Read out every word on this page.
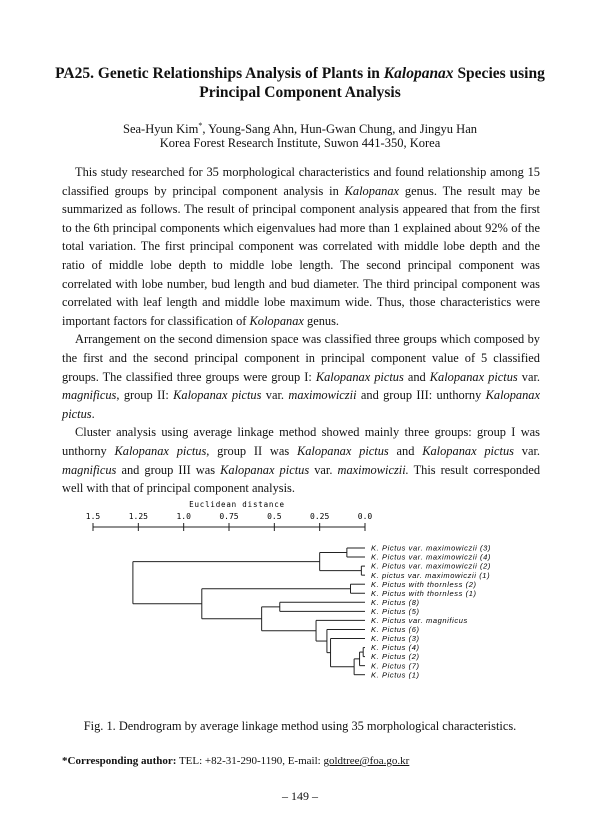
PA25. Genetic Relationships Analysis of Plants in Kalopanax Species using
Principal Component Analysis
Sea-Hyun Kim*, Young-Sang Ahn, Hun-Gwan Chung, and Jingyu Han
Korea Forest Research Institute, Suwon 441-350, Korea

This study researched for 35 morphological characteristics and found relationship among 15 classified groups by principal component analysis in Kalopanax genus. The result may be summarized as follows. The result of principal component analysis appeared that from the first to the 6th principal components which eigenvalues had more than 1 explained about 92% of the total variation. The first principal component was correlated with middle lobe depth and the ratio of middle lobe depth to middle lobe length. The second principal component was correlated with lobe number, bud length and bud diameter. The third principal component was correlated with leaf length and middle lobe maximum wide. Thus, those characteristics were important factors for classification of Kolopanax genus.

Arrangement on the second dimension space was classified three groups which composed by the first and the second principal component in principal component value of 5 classified groups. The classified three groups were group I: Kalopanax pictus and Kalopanax pictus var. magnificus, group II: Kalopanax pictus var. maximowiczii and group III: unthorny Kalopanax pictus.

Cluster analysis using average linkage method showed mainly three groups: group I was unthorny Kalopanax pictus, group II was Kalopanax pictus and Kalopanax pictus var. magnificus and group III was Kalopanax pictus var. maximowiczii. This result corresponded well with that of principal component analysis.

Euclidean distance
1.5	1.25	1.0	0.75	0.5	0.25	0.0
K. Pictus var. maximowiczii (3)
K. Pictus var. maximowiczii (4)
K. Pictus var. maximowiczii (2)
K. pictus var. maximowiczii (1)
K. Pictus with thornless (2)
K. Pictus with thornless (1)
K. Pictus (8)
K. Pictus (5)
K. Pictus var. magnificus
K. Pictus (6)
K. Pictus (3)
K. Pictus (4)
K. Pictus (2)
K. Pictus (7)
K. Pictus (1)
Fig. 1. Dendrogram by average linkage method using 35 morphological characteristics.
*Corresponding author: TEL: +82-31-290-1190, E-mail: goldtree@foa.go.kr
– 149 –
